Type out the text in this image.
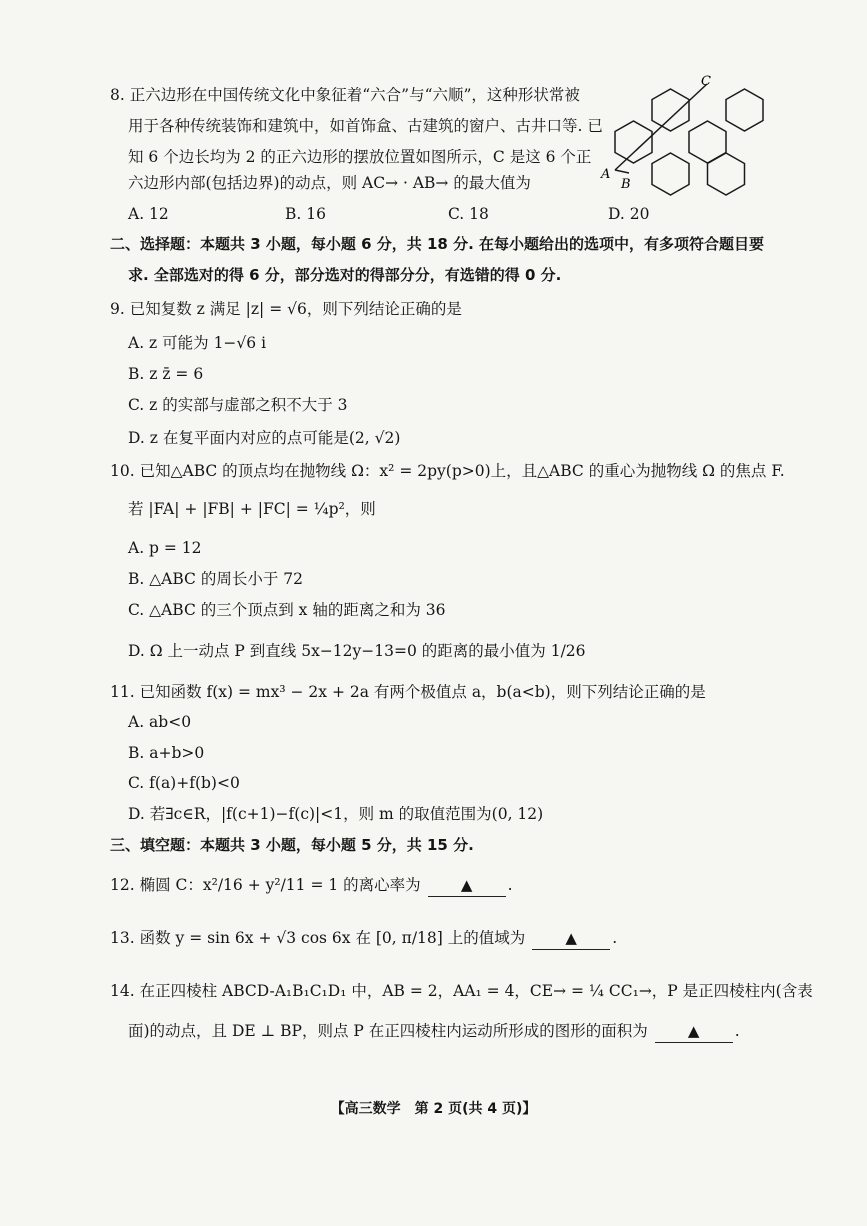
8. 正六边形在中国传统文化中象征着“六合”与“六顺”，这种形状常被
用于各种传统装饰和建筑中，如首饰盒、古建筑的窗户、古井口等. 已
知 6 个边长均为 2 的正六边形的摆放位置如图所示，C 是这 6 个正
六边形内部(包括边界)的动点，则 AC→ · AB→ 的最大值为
A. 12	B. 16	C. 18	D. 20
C
A
B
二、选择题：本题共 3 小题，每小题 6 分，共 18 分. 在每小题给出的选项中，有多项符合题目要
求. 全部选对的得 6 分，部分选对的得部分分，有选错的得 0 分.
9. 已知复数 z 满足 |z| = √6，则下列结论正确的是
A. z 可能为 1−√6 i
B. z z̄ = 6
C. z 的实部与虚部之积不大于 3
D. z 在复平面内对应的点可能是(2, √2)
10. 已知△ABC 的顶点均在抛物线 Ω：x² = 2py(p>0)上，且△ABC 的重心为抛物线 Ω 的焦点 F.
若 |FA| + |FB| + |FC| = ¼p²，则
A. p = 12
B. △ABC 的周长小于 72
C. △ABC 的三个顶点到 x 轴的距离之和为 36
D. Ω 上一动点 P 到直线 5x−12y−13=0 的距离的最小值为 1/26
11. 已知函数 f(x) = mx³ − 2x + 2a 有两个极值点 a，b(a<b)，则下列结论正确的是
A. ab<0
B. a+b>0
C. f(a)+f(b)<0
D. 若∃c∈R，|f(c+1)−f(c)|<1，则 m 的取值范围为(0, 12)
三、填空题：本题共 3 小题，每小题 5 分，共 15 分.
12. 椭圆 C：x²/16 + y²/11 = 1 的离心率为	▲ .
13. 函数 y = sin 6x + √3 cos 6x 在 [0, π/18] 上的值域为	▲ .
14. 在正四棱柱 ABCD-A₁B₁C₁D₁ 中，AB = 2，AA₁ = 4，CE→ = ¼ CC₁→，P 是正四棱柱内(含表
面)的动点，且 DE ⊥ BP，则点 P 在正四棱柱内运动所形成的图形的面积为	▲ .
【高三数学　第 2 页(共 4 页)】
